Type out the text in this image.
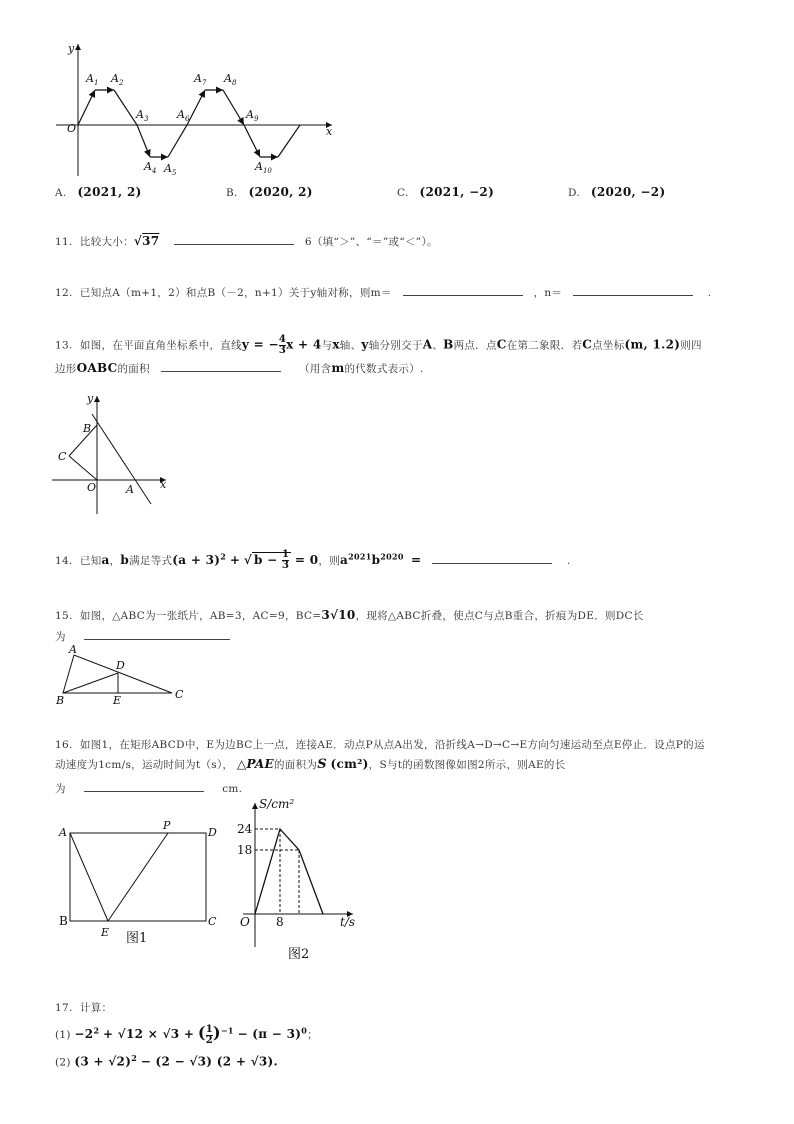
y
x
O
$A_1$ $A_2$
$A_3$
$A_4$ $A_5$
$A_6$
$A_7$ $A_8$
$A_9$
$A_{10}$
A. (2021, 2)	B. (2020, 2)	C. (2021, −2)	D. (2020, −2)
11. 比较大小：√37	6（填“＞”、“＝”或“＜”）。
12. 已知点A（m+1，2）和点B（－2，n+1）关于y轴对称，则m＝	，n＝	.
13. 如图，在平面直角坐标系中，直线y = − $\frac{4}{3}$ x + 4与x轴、y轴分别交于A、B两点．点C在第二象限．若C点坐标(m, 1.2)则四
边形OABC的面积	（用含m的代数式表示）.
y
x
B
C
O	A
14. 已知a，b满足等式$(a + 3)^2$ + √ $b - \frac{1}{3} = 0$，则$a^{2021}b^{2020}$ =	.
15. 如图，△ABC为一张纸片，AB=3，AC=9，BC=3√10，现将△ABC折叠，使点C与点B重合，折痕为DE．则DC长
为
A
B	C
D
E
16. 如图1，在矩形ABCD中，E为边BC上一点，连接AE．动点P从点A出发，沿折线A→D→C→E方向匀速运动至点E停止．设点P的运
动速度为1cm/s，运动时间为t（s）， △PAE的面积为S (cm²)，S与t的函数图像如图2所示，则AE的长
为	cm.
A
P
D
B
E
C
图1
S/cm²
24
18
O 8	t/s
图2
17. 计算：
$(1) -2^2 + √12 \times √3$ + ( $\frac{1}{2} )^{-1} - (\pi - 3)^0$；
(2) $(3 + √2)^2 - (2 - √3)$ (2 + √3).
